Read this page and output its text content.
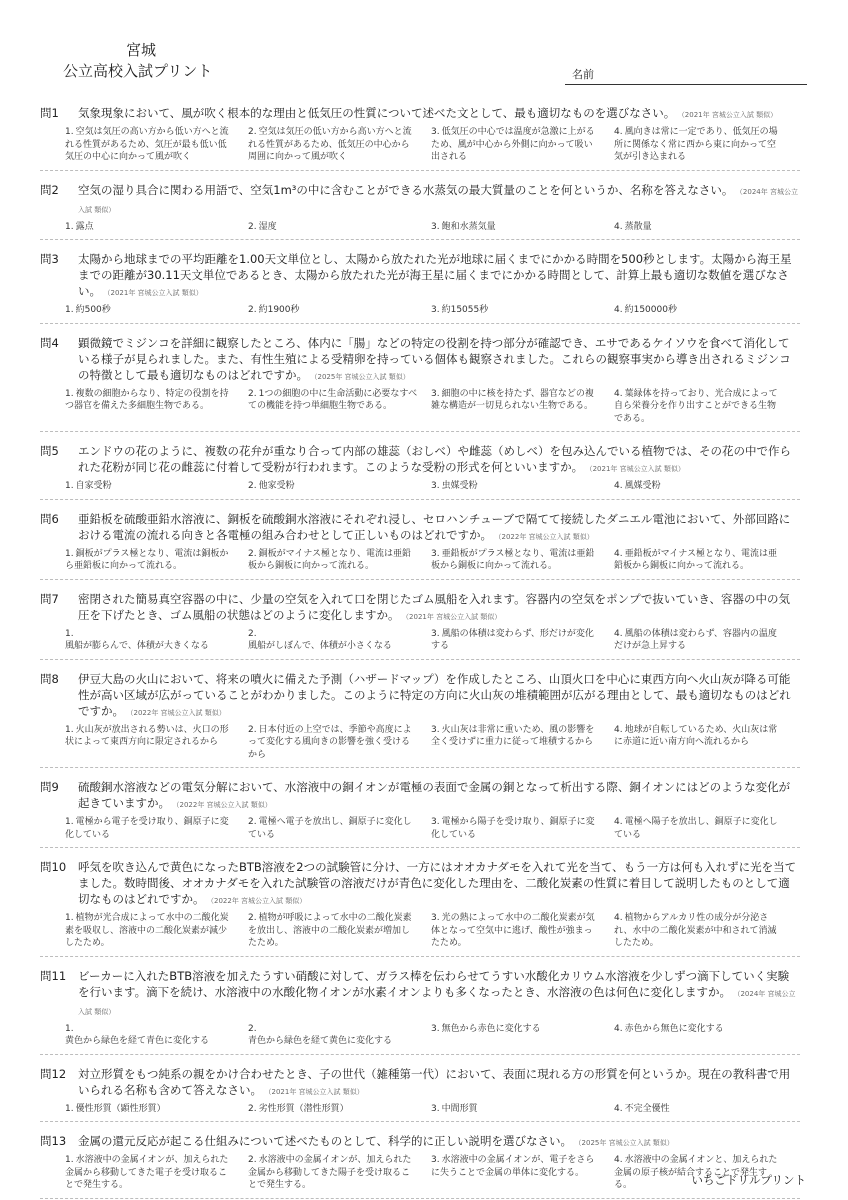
宮城
公立高校入試プリント	名前
問1	気象現象において、風が吹く根本的な理由と低気圧の性質について述べた文として、最も適切なものを選びなさい。 （2021年 宮城公立入試 類似）
1. 空気は気圧の高い方から低い方へと流れる性質があるため、気圧が最も低い低気圧の中心に向かって風が吹く
2. 空気は気圧の低い方から高い方へと流れる性質があるため、低気圧の中心から周囲に向かって風が吹く
3. 低気圧の中心では温度が急激に上がるため、風が中心から外側に向かって吸い出される
4. 風向きは常に一定であり、低気圧の場所に関係なく常に西から東に向かって空気が引き込まれる
問2	空気の湿り具合に関わる用語で、空気1m³の中に含むことができる水蒸気の最大質量のことを何というか、名称を答えなさい。 （2024年 宮城公立入試 類似）
1. 露点	2. 湿度	3. 飽和水蒸気量	4. 蒸散量
問3	太陽から地球までの平均距離を1.00天文単位とし、太陽から放たれた光が地球に届くまでにかかる時間を500秒とします。太陽から海王星までの距離が30.11天文単位であるとき、太陽から放たれた光が海王星に届くまでにかかる時間として、計算上最も適切な数値を選びなさい。 （2021年 宮城公立入試 類似）
1. 約500秒	2. 約1900秒	3. 約15055秒	4. 約150000秒
問4	顕微鏡でミジンコを詳細に観察したところ、体内に「腸」などの特定の役割を持つ部分が確認でき、エサであるケイソウを食べて消化している様子が見られました。また、有性生殖による受精卵を持っている個体も観察されました。これらの観察事実から導き出されるミジンコの特徴として最も適切なものはどれですか。 （2025年 宮城公立入試 類似）
1. 複数の細胞からなり、特定の役割を持つ器官を備えた多細胞生物である。
2. 1つの細胞の中に生命活動に必要なすべての機能を持つ単細胞生物である。
3. 細胞の中に核を持たず、器官などの複雑な構造が一切見られない生物である。
4. 葉緑体を持っており、光合成によって自ら栄養分を作り出すことができる生物である。
問5	エンドウの花のように、複数の花弁が重なり合って内部の雄蕊（おしべ）や雌蕊（めしべ）を包み込んでいる植物では、その花の中で作られた花粉が同じ花の雌蕊に付着して受粉が行われます。このような受粉の形式を何といいますか。 （2021年 宮城公立入試 類似）
1. 自家受粉	2. 他家受粉	3. 虫媒受粉	4. 風媒受粉
問6	亜鉛板を硫酸亜鉛水溶液に、銅板を硫酸銅水溶液にそれぞれ浸し、セロハンチューブで隔てて接続したダニエル電池において、外部回路における電流の流れる向きと各電極の組み合わせとして正しいものはどれですか。 （2022年 宮城公立入試 類似）
1. 銅板がプラス極となり、電流は銅板から亜鉛板に向かって流れる。
2. 銅板がマイナス極となり、電流は亜鉛板から銅板に向かって流れる。
3. 亜鉛板がプラス極となり、電流は亜鉛板から銅板に向かって流れる。
4. 亜鉛板がマイナス極となり、電流は亜鉛板から銅板に向かって流れる。
問7	密閉された簡易真空容器の中に、少量の空気を入れて口を閉じたゴム風船を入れます。容器内の空気をポンプで抜いていき、容器の中の気圧を下げたとき、ゴム風船の状態はどのように変化しますか。 （2021年 宮城公立入試 類似）
1.
風船が膨らんで、体積が大きくなる
2.
風船がしぼんで、体積が小さくなる
3. 風船の体積は変わらず、形だけが変化する
4. 風船の体積は変わらず、容器内の温度だけが急上昇する
問8	伊豆大島の火山において、将来の噴火に備えた予測（ハザードマップ）を作成したところ、山頂火口を中心に東西方向へ火山灰が降る可能性が高い区域が広がっていることがわかりました。このように特定の方向に火山灰の堆積範囲が広がる理由として、最も適切なものはどれですか。 （2022年 宮城公立入試 類似）
1. 火山灰が放出される勢いは、火口の形状によって東西方向に限定されるから
2. 日本付近の上空では、季節や高度によって変化する風向きの影響を強く受けるから
3. 火山灰は非常に重いため、風の影響を全く受けずに重力に従って堆積するから
4. 地球が自転しているため、火山灰は常に赤道に近い南方向へ流れるから
問9	硫酸銅水溶液などの電気分解において、水溶液中の銅イオンが電極の表面で金属の銅となって析出する際、銅イオンにはどのような変化が起きていますか。 （2022年 宮城公立入試 類似）
1. 電極から電子を受け取り、銅原子に変化している
2. 電極へ電子を放出し、銅原子に変化している
3. 電極から陽子を受け取り、銅原子に変化している
4. 電極へ陽子を放出し、銅原子に変化している
問10	呼気を吹き込んで黄色になったBTB溶液を2つの試験管に分け、一方にはオオカナダモを入れて光を当て、もう一方は何も入れずに光を当てました。数時間後、オオカナダモを入れた試験管の溶液だけが青色に変化した理由を、二酸化炭素の性質に着目して説明したものとして適切なものはどれですか。 （2022年 宮城公立入試 類似）
1. 植物が光合成によって水中の二酸化炭素を吸収し、溶液中の二酸化炭素が減少したため。
2. 植物が呼吸によって水中の二酸化炭素を放出し、溶液中の二酸化炭素が増加したため。
3. 光の熱によって水中の二酸化炭素が気体となって空気中に逃げ、酸性が強まったため。
4. 植物からアルカリ性の成分が分泌され、水中の二酸化炭素が中和されて消滅したため。
問11	ビーカーに入れたBTB溶液を加えたうすい硝酸に対して、ガラス棒を伝わらせてうすい水酸化カリウム水溶液を少しずつ滴下していく実験を行います。滴下を続け、水溶液中の水酸化物イオンが水素イオンよりも多くなったとき、水溶液の色は何色に変化しますか。 （2024年 宮城公立入試 類似）
1.
黄色から緑色を経て青色に変化する
2.
青色から緑色を経て黄色に変化する
3. 無色から赤色に変化する	4. 赤色から無色に変化する
問12	対立形質をもつ純系の親をかけ合わせたとき、子の世代（雑種第一代）において、表面に現れる方の形質を何というか。現在の教科書で用いられる名称も含めて答えなさい。 （2021年 宮城公立入試 類似）
1. 優性形質（顕性形質）	2. 劣性形質（潜性形質）	3. 中間形質	4. 不完全優性
問13	金属の還元反応が起こる仕組みについて述べたものとして、科学的に正しい説明を選びなさい。 （2025年 宮城公立入試 類似）
1. 水溶液中の金属イオンが、加えられた金属から移動してきた電子を受け取ることで発生する。
2. 水溶液中の金属イオンが、加えられた金属から移動してきた陽子を受け取ることで発生する。
3. 水溶液中の金属イオンが、電子をさらに失うことで金属の単体に変化する。
4. 水溶液中の金属イオンと、加えられた金属の原子核が結合することで発生する。	いちごドリルプリント
